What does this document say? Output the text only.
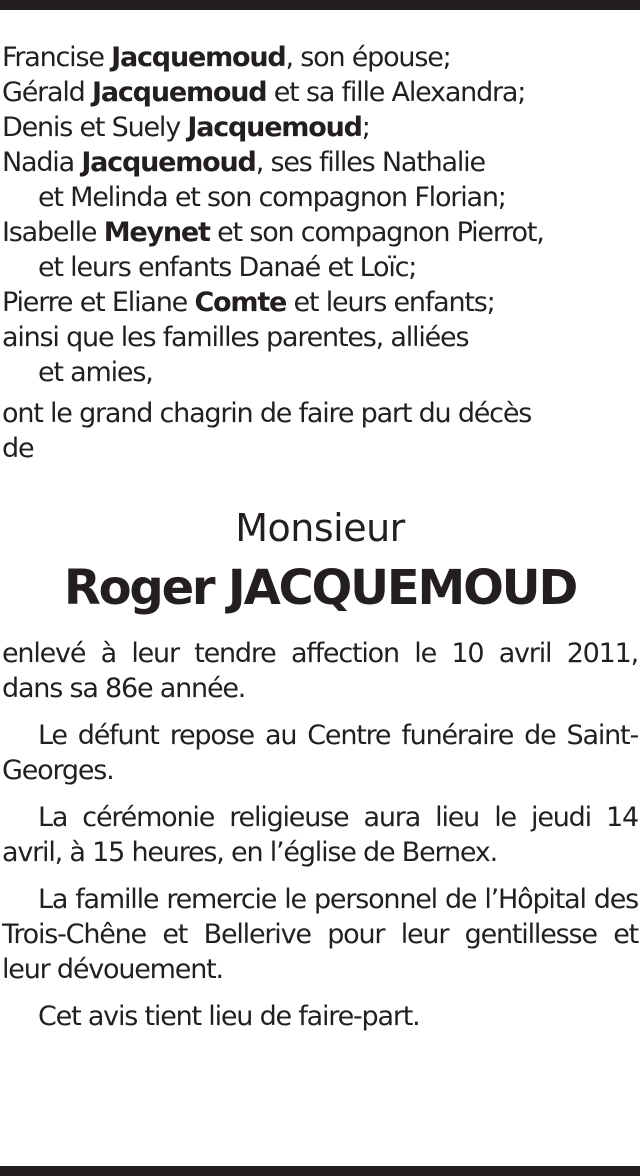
Francise Jacquemoud, son épouse;
Gérald Jacquemoud et sa fille Alexandra;
Denis et Suely Jacquemoud;
Nadia Jacquemoud, ses filles Nathalie
et Melinda et son compagnon Florian;
Isabelle Meynet et son compagnon Pierrot,
et leurs enfants Danaé et Loïc;
Pierre et Eliane Comte et leurs enfants;
ainsi que les familles parentes, alliées
et amies,
ont le grand chagrin de faire part du décès
de
Monsieur
Roger JACQUEMOUD

enlevé à leur tendre affection le 10 avril 2011, dans sa 86e année.

Le défunt repose au Centre funéraire de Saint-Georges.

La cérémonie religieuse aura lieu le jeudi 14 avril, à 15 heures, en l’église de Bernex.

La famille remercie le personnel de l’Hôpital des Trois-Chêne et Bellerive pour leur gentillesse et leur dévouement.

Cet avis tient lieu de faire-part.
